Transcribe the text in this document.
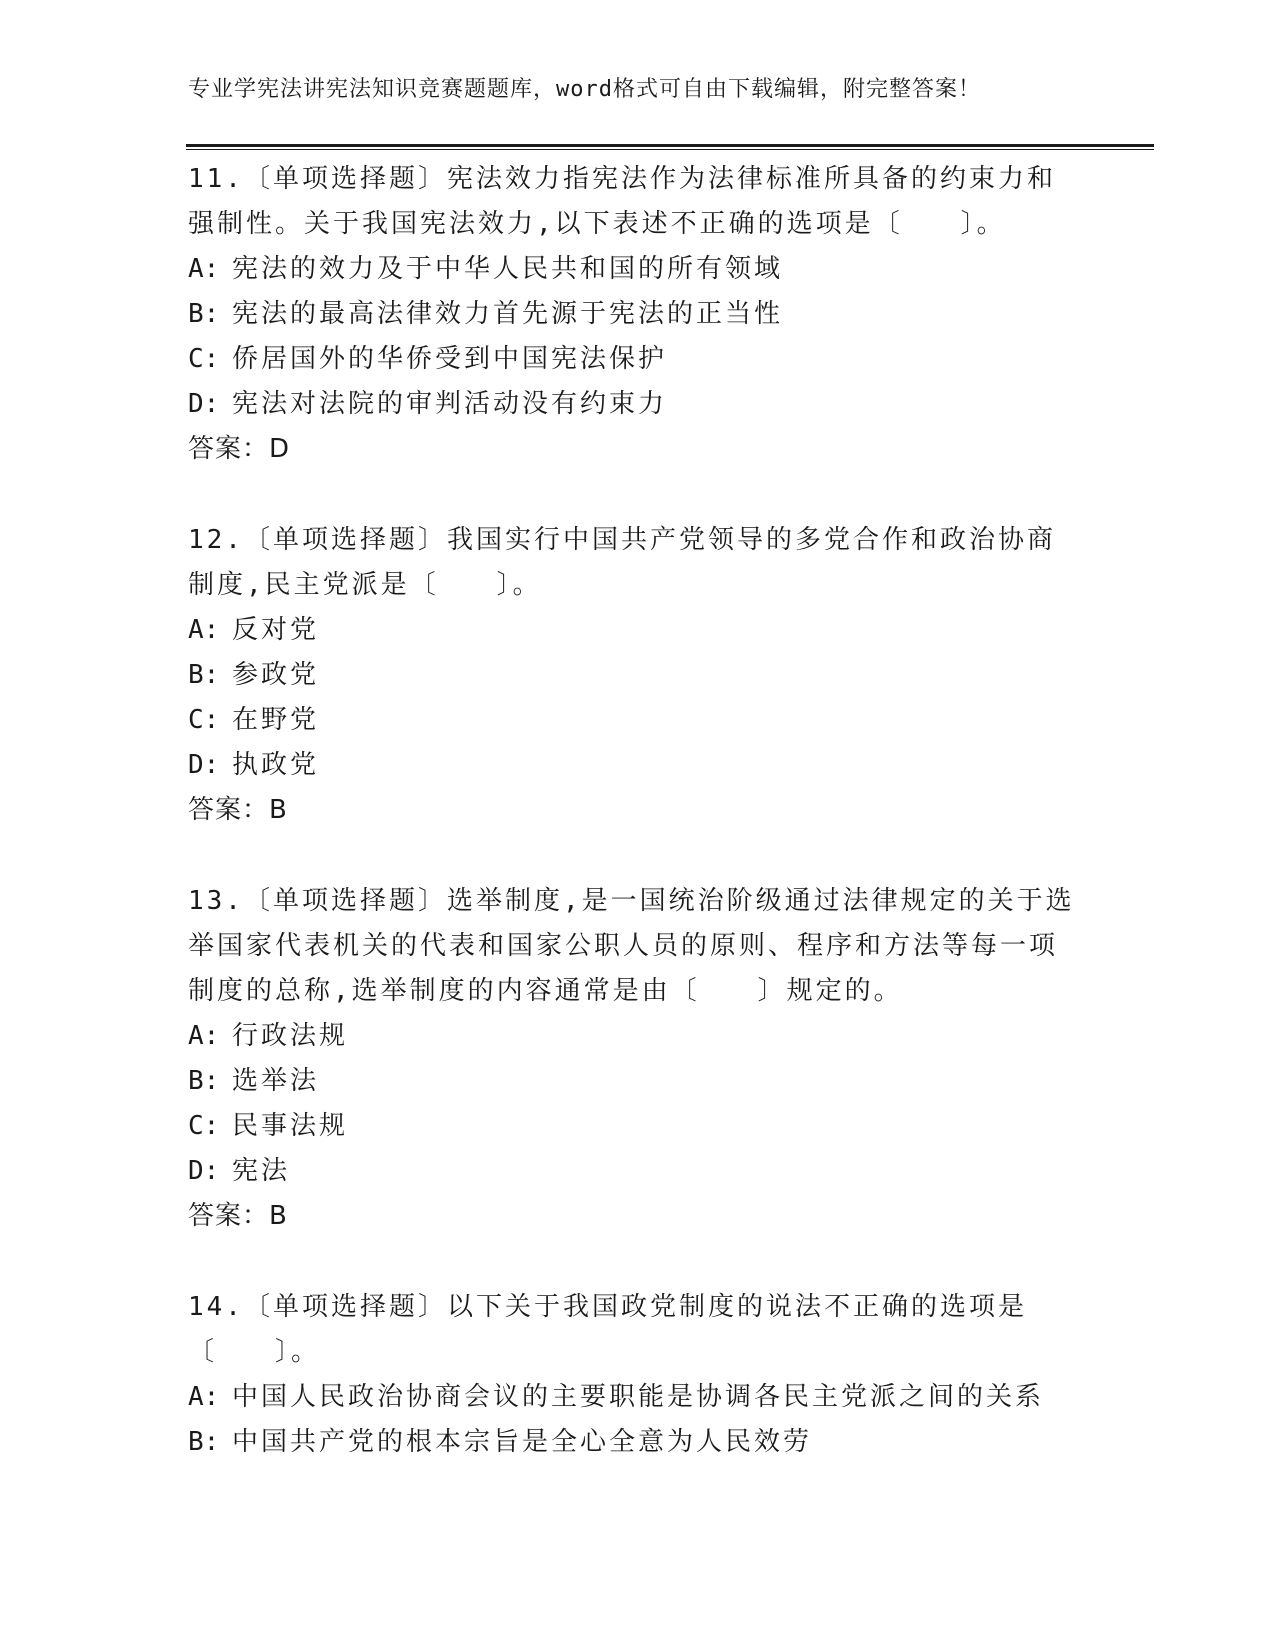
专业学宪法讲宪法知识竞赛题题库，word格式可自由下载编辑，附完整答案！
11.〔单项选择题〕宪法效力指宪法作为法律标准所具备的约束力和强制性。关于我国宪法效力,以下表述不正确的选项是〔　　〕。
A: 宪法的效力及于中华人民共和国的所有领域
B: 宪法的最高法律效力首先源于宪法的正当性
C: 侨居国外的华侨受到中国宪法保护
D: 宪法对法院的审判活动没有约束力
答案：D
12.〔单项选择题〕我国实行中国共产党领导的多党合作和政治协商制度,民主党派是〔　　〕。
A: 反对党
B: 参政党
C: 在野党
D: 执政党
答案：B
13.〔单项选择题〕选举制度,是一国统治阶级通过法律规定的关于选举国家代表机关的代表和国家公职人员的原则、程序和方法等每一项制度的总称,选举制度的内容通常是由〔　　〕规定的。
A: 行政法规
B: 选举法
C: 民事法规
D: 宪法
答案：B
14.〔单项选择题〕以下关于我国政党制度的说法不正确的选项是〔　　〕。
A: 中国人民政治协商会议的主要职能是协调各民主党派之间的关系
B: 中国共产党的根本宗旨是全心全意为人民效劳
